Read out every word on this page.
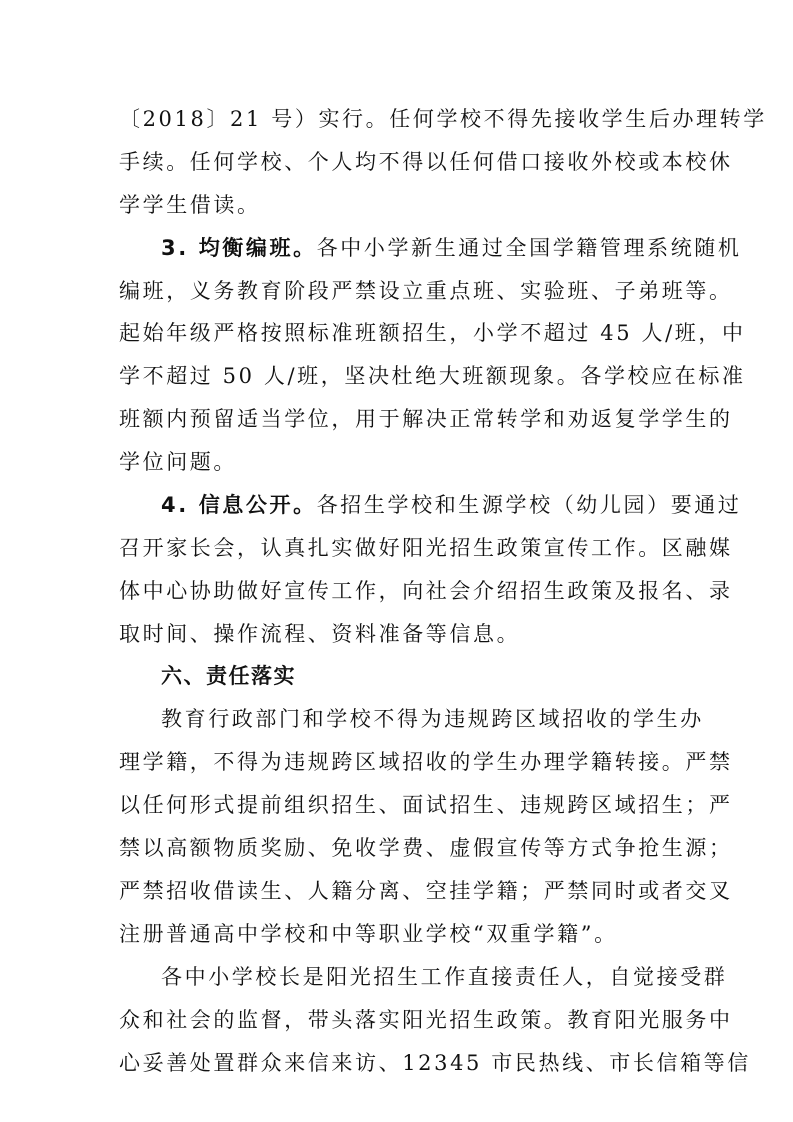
〔2018〕21 号）实行。任何学校不得先接收学生后办理转学
手续。任何学校、个人均不得以任何借口接收外校或本校休
学学生借读。
3. 均衡编班。各中小学新生通过全国学籍管理系统随机
编班，义务教育阶段严禁设立重点班、实验班、子弟班等。
起始年级严格按照标准班额招生，小学不超过 45 人/班，中
学不超过 50 人/班，坚决杜绝大班额现象。各学校应在标准
班额内预留适当学位，用于解决正常转学和劝返复学学生的
学位问题。
4. 信息公开。各招生学校和生源学校（幼儿园）要通过
召开家长会，认真扎实做好阳光招生政策宣传工作。区融媒
体中心协助做好宣传工作，向社会介绍招生政策及报名、录
取时间、操作流程、资料准备等信息。
六、责任落实
教育行政部门和学校不得为违规跨区域招收的学生办
理学籍，不得为违规跨区域招收的学生办理学籍转接。严禁
以任何形式提前组织招生、面试招生、违规跨区域招生；严
禁以高额物质奖励、免收学费、虚假宣传等方式争抢生源；
严禁招收借读生、人籍分离、空挂学籍；严禁同时或者交叉
注册普通高中学校和中等职业学校“双重学籍”。
各中小学校长是阳光招生工作直接责任人，自觉接受群
众和社会的监督，带头落实阳光招生政策。教育阳光服务中
心妥善处置群众来信来访、12345 市民热线、市长信箱等信
